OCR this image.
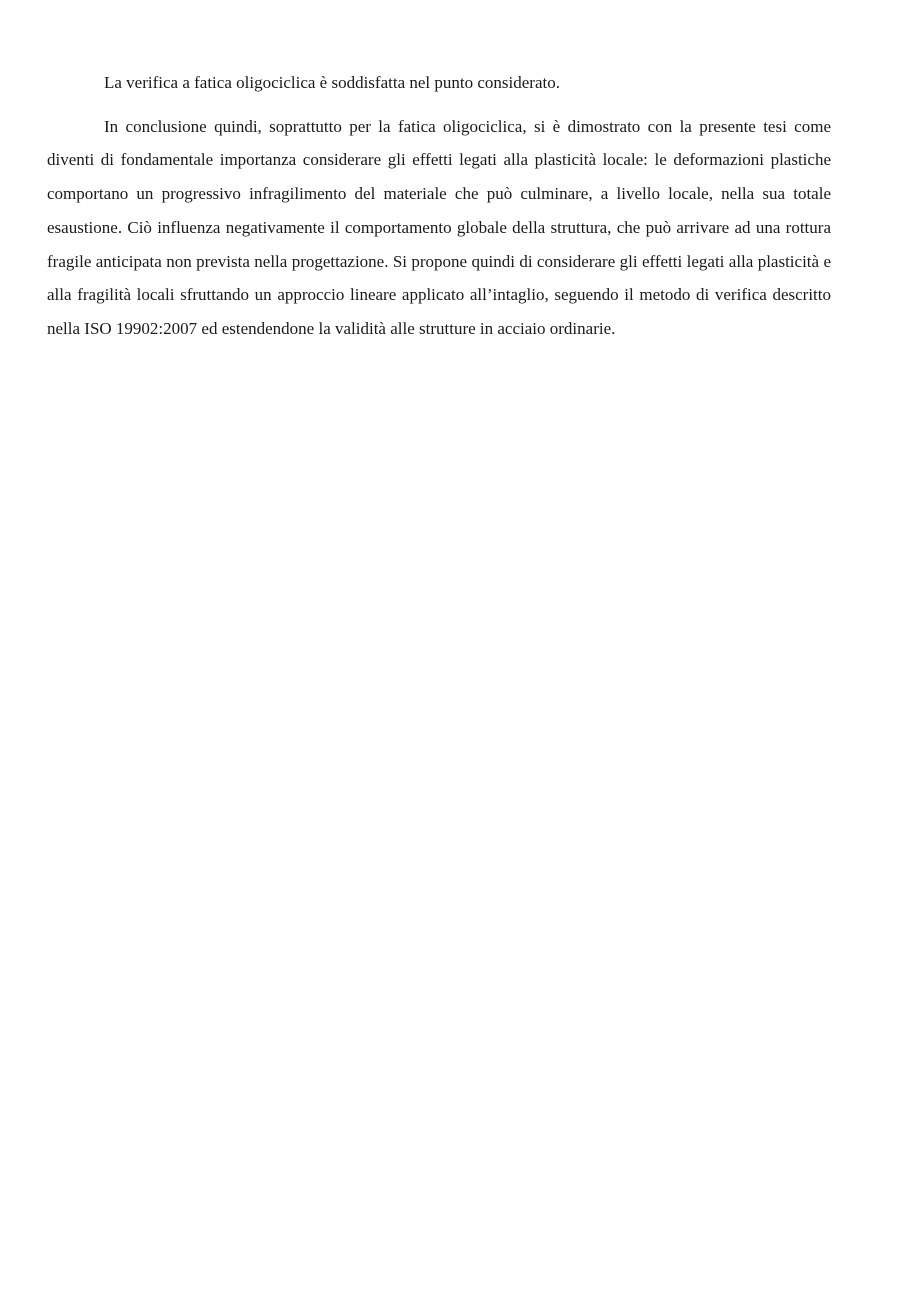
La verifica a fatica oligociclica è soddisfatta nel punto considerato.

In conclusione quindi, soprattutto per la fatica oligociclica, si è dimostrato con la presente tesi come diventi di fondamentale importanza considerare gli effetti legati alla plasticità locale: le deformazioni plastiche comportano un progressivo infragilimento del materiale che può culminare, a livello locale, nella sua totale esaustione. Ciò influenza negativamente il comportamento globale della struttura, che può arrivare ad una rottura fragile anticipata non prevista nella progettazione. Si propone quindi di considerare gli effetti legati alla plasticità e alla fragilità locali sfruttando un approccio lineare applicato all’intaglio, seguendo il metodo di verifica descritto nella ISO 19902:2007 ed estendendone la validità alle strutture in acciaio ordinarie.
